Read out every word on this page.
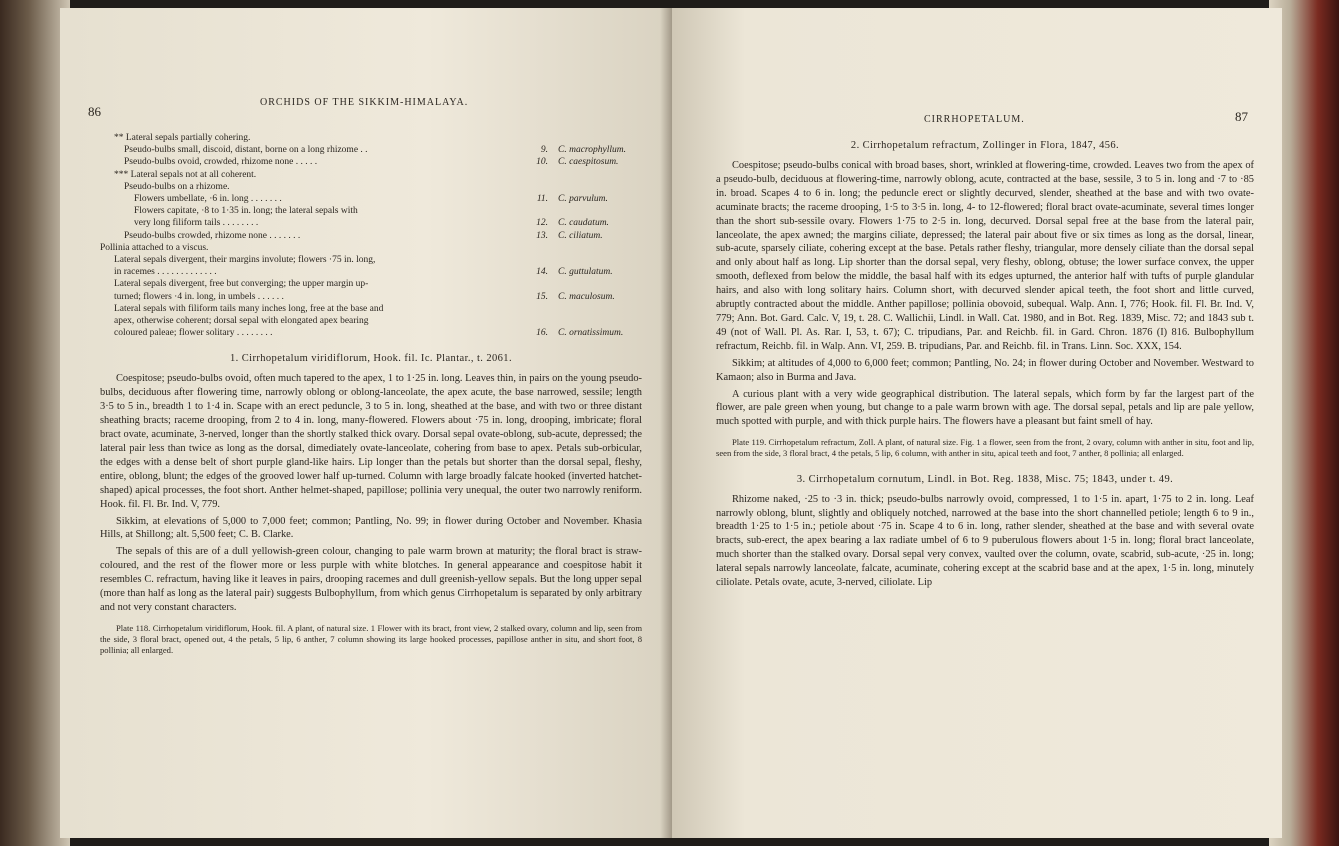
86
ORCHIDS OF THE SIKKIM-HIMALAYA.
** Lateral sepals partially cohering.
Pseudo-bulbs small, discoid, distant, borne on a long rhizome . .	9.	C. macrophyllum.
Pseudo-bulbs ovoid, crowded, rhizome none . . . . .	10.	C. caespitosum.
*** Lateral sepals not at all coherent.
Pseudo-bulbs on a rhizome.
Flowers umbellate, ·6 in. long . . . . . . .	11.	C. parvulum.
Flowers capitate, ·8 to 1·35 in. long; the lateral sepals with
very long filiform tails . . . . . . . .	12.	C. caudatum.
Pseudo-bulbs crowded, rhizome none . . . . . . .	13.	C. ciliatum.
Pollinia attached to a viscus.
Lateral sepals divergent, their margins involute; flowers ·75 in. long,
in racemes . . . . . . . . . . . . .	14.	C. guttulatum.
Lateral sepals divergent, free but converging; the upper margin up-
turned; flowers ·4 in. long, in umbels . . . . . .	15.	C. maculosum.
Lateral sepals with filiform tails many inches long, free at the base and
apex, otherwise coherent; dorsal sepal with elongated apex bearing
coloured paleae; flower solitary . . . . . . . .	16.	C. ornatissimum.
1. Cirrhopetalum viridiflorum, Hook. fil. Ic. Plantar., t. 2061.

Coespitose; pseudo-bulbs ovoid, often much tapered to the apex, 1 to 1·25 in. long. Leaves thin, in pairs on the young pseudo-bulbs, deciduous after flowering time, narrowly oblong or oblong-lanceolate, the apex acute, the base narrowed, sessile; length 3·5 to 5 in., breadth 1 to 1·4 in. Scape with an erect peduncle, 3 to 5 in. long, sheathed at the base, and with two or three distant sheathing bracts; raceme drooping, from 2 to 4 in. long, many-flowered. Flowers about ·75 in. long, drooping, imbricate; floral bract ovate, acuminate, 3-nerved, longer than the shortly stalked thick ovary. Dorsal sepal ovate-oblong, sub-acute, depressed; the lateral pair less than twice as long as the dorsal, dimediately ovate-lanceolate, cohering from base to apex. Petals sub-orbicular, the edges with a dense belt of short purple gland-like hairs. Lip longer than the petals but shorter than the dorsal sepal, fleshy, entire, oblong, blunt; the edges of the grooved lower half up-turned. Column with large broadly falcate hooked (inverted hatchet-shaped) apical processes, the foot short. Anther helmet-shaped, papillose; pollinia very unequal, the outer two narrowly reniform. Hook. fil. Fl. Br. Ind. V, 779.

Sikkim, at elevations of 5,000 to 7,000 feet; common; Pantling, No. 99; in flower during October and November. Khasia Hills, at Shillong; alt. 5,500 feet; C. B. Clarke.

The sepals of this are of a dull yellowish-green colour, changing to pale warm brown at maturity; the floral bract is straw-coloured, and the rest of the flower more or less purple with white blotches. In general appearance and coespitose habit it resembles C. refractum, having like it leaves in pairs, drooping racemes and dull greenish-yellow sepals. But the long upper sepal (more than half as long as the lateral pair) suggests Bulbophyllum, from which genus Cirrhopetalum is separated by only arbitrary and not very constant characters.

Plate 118. Cirrhopetalum viridiflorum, Hook. fil. A plant, of natural size. 1 Flower with its bract, front view, 2 stalked ovary, column and lip, seen from the side, 3 floral bract, opened out, 4 the petals, 5 lip, 6 anther, 7 column showing its large hooked processes, papillose anther in situ, and short foot, 8 pollinia; all enlarged.
87
CIRRHOPETALUM.
2. Cirrhopetalum refractum, Zollinger in Flora, 1847, 456.

Coespitose; pseudo-bulbs conical with broad bases, short, wrinkled at flowering-time, crowded. Leaves two from the apex of a pseudo-bulb, deciduous at flowering-time, narrowly oblong, acute, contracted at the base, sessile, 3 to 5 in. long and ·7 to ·85 in. broad. Scapes 4 to 6 in. long; the peduncle erect or slightly decurved, slender, sheathed at the base and with two ovate-acuminate bracts; the raceme drooping, 1·5 to 3·5 in. long, 4- to 12-flowered; floral bract ovate-acuminate, several times longer than the short sub-sessile ovary. Flowers 1·75 to 2·5 in. long, decurved. Dorsal sepal free at the base from the lateral pair, lanceolate, the apex awned; the margins ciliate, depressed; the lateral pair about five or six times as long as the dorsal, linear, sub-acute, sparsely ciliate, cohering except at the base. Petals rather fleshy, triangular, more densely ciliate than the dorsal sepal and only about half as long. Lip shorter than the dorsal sepal, very fleshy, oblong, obtuse; the lower surface convex, the upper smooth, deflexed from below the middle, the basal half with its edges upturned, the anterior half with tufts of purple glandular hairs, and also with long solitary hairs. Column short, with decurved slender apical teeth, the foot short and little curved, abruptly contracted about the middle. Anther papillose; pollinia obovoid, subequal. Walp. Ann. I, 776; Hook. fil. Fl. Br. Ind. V, 779; Ann. Bot. Gard. Calc. V, 19, t. 28. C. Wallichii, Lindl. in Wall. Cat. 1980, and in Bot. Reg. 1839, Misc. 72; and 1843 sub t. 49 (not of Wall. Pl. As. Rar. I, 53, t. 67); C. tripudians, Par. and Reichb. fil. in Gard. Chron. 1876 (I) 816. Bulbophyllum refractum, Reichb. fil. in Walp. Ann. VI, 259. B. tripudians, Par. and Reichb. fil. in Trans. Linn. Soc. XXX, 154.

Sikkim; at altitudes of 4,000 to 6,000 feet; common; Pantling, No. 24; in flower during October and November. Westward to Kamaon; also in Burma and Java.

A curious plant with a very wide geographical distribution. The lateral sepals, which form by far the largest part of the flower, are pale green when young, but change to a pale warm brown with age. The dorsal sepal, petals and lip are pale yellow, much spotted with purple, and with thick purple hairs. The flowers have a pleasant but faint smell of hay.

Plate 119. Cirrhopetalum refractum, Zoll. A plant, of natural size. Fig. 1 a flower, seen from the front, 2 ovary, column with anther in situ, foot and lip, seen from the side, 3 floral bract, 4 the petals, 5 lip, 6 column, with anther in situ, apical teeth and foot, 7 anther, 8 pollinia; all enlarged.
3. Cirrhopetalum cornutum, Lindl. in Bot. Reg. 1838, Misc. 75; 1843, under t. 49.

Rhizome naked, ·25 to ·3 in. thick; pseudo-bulbs narrowly ovoid, compressed, 1 to 1·5 in. apart, 1·75 to 2 in. long. Leaf narrowly oblong, blunt, slightly and obliquely notched, narrowed at the base into the short channelled petiole; length 6 to 9 in., breadth 1·25 to 1·5 in.; petiole about ·75 in. Scape 4 to 6 in. long, rather slender, sheathed at the base and with several ovate bracts, sub-erect, the apex bearing a lax radiate umbel of 6 to 9 puberulous flowers about 1·5 in. long; floral bract lanceolate, much shorter than the stalked ovary. Dorsal sepal very convex, vaulted over the column, ovate, scabrid, sub-acute, ·25 in. long; lateral sepals narrowly lanceolate, falcate, acuminate, cohering except at the scabrid base and at the apex, 1·5 in. long, minutely ciliolate. Petals ovate, acute, 3-nerved, ciliolate. Lip
